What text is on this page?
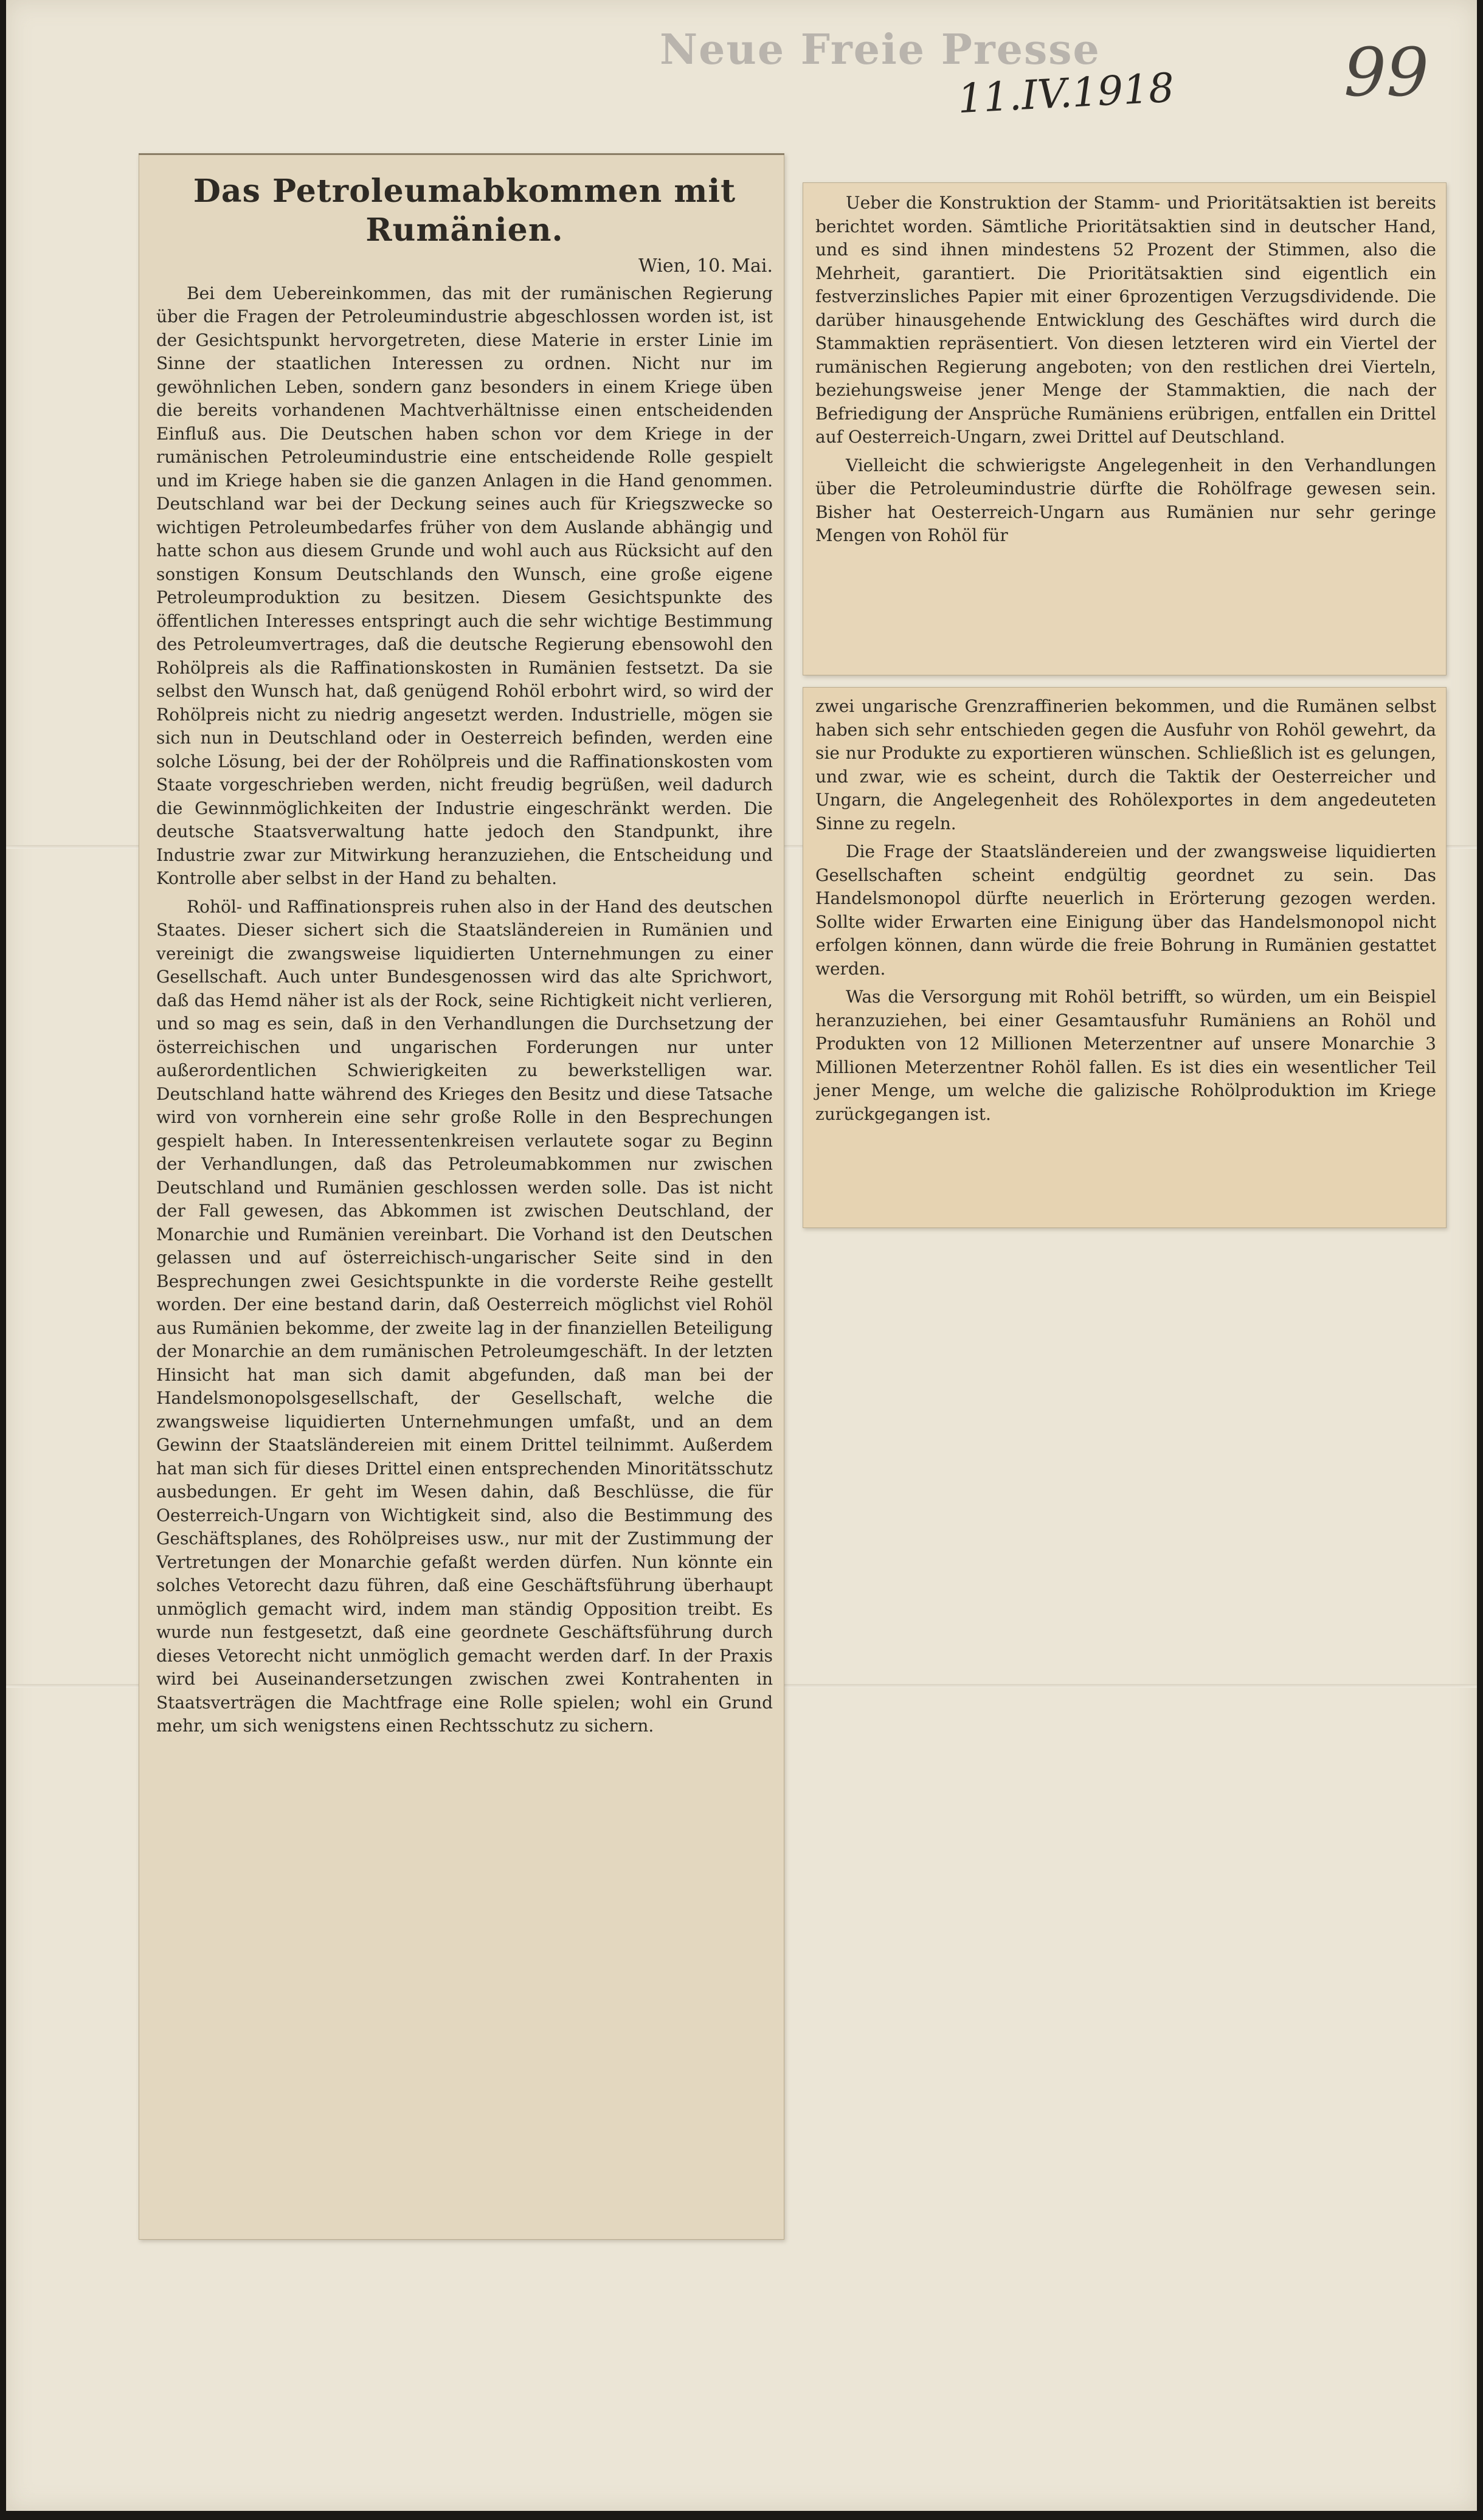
Neue Freie Presse
11.IV.1918	99
Das Petroleumabkommen mit Rumänien.
Wien, 10. Mai.

Bei dem Uebereinkommen, das mit der rumänischen Regierung über die Fragen der Petroleumindustrie abgeschlossen worden ist, ist der Gesichtspunkt hervorgetreten, diese Materie in erster Linie im Sinne der staatlichen Interessen zu ordnen. Nicht nur im gewöhnlichen Leben, sondern ganz besonders in einem Kriege üben die bereits vorhandenen Machtverhältnisse einen entscheidenden Einfluß aus. Die Deutschen haben schon vor dem Kriege in der rumänischen Petroleumindustrie eine entscheidende Rolle gespielt und im Kriege haben sie die ganzen Anlagen in die Hand genommen. Deutschland war bei der Deckung seines auch für Kriegszwecke so wichtigen Petroleumbedarfes früher von dem Auslande abhängig und hatte schon aus diesem Grunde und wohl auch aus Rücksicht auf den sonstigen Konsum Deutschlands den Wunsch, eine große eigene Petroleumproduktion zu besitzen. Diesem Gesichtspunkte des öffentlichen Interesses entspringt auch die sehr wichtige Bestimmung des Petroleumvertrages, daß die deutsche Regierung ebensowohl den Rohölpreis als die Raffinationskosten in Rumänien festsetzt. Da sie selbst den Wunsch hat, daß genügend Rohöl erbohrt wird, so wird der Rohölpreis nicht zu niedrig angesetzt werden. Industrielle, mögen sie sich nun in Deutschland oder in Oesterreich befinden, werden eine solche Lösung, bei der der Rohölpreis und die Raffinationskosten vom Staate vorgeschrieben werden, nicht freudig begrüßen, weil dadurch die Gewinnmöglichkeiten der Industrie eingeschränkt werden. Die deutsche Staatsverwaltung hatte jedoch den Standpunkt, ihre Industrie zwar zur Mitwirkung heranzuziehen, die Entscheidung und Kontrolle aber selbst in der Hand zu behalten.

Rohöl- und Raffinationspreis ruhen also in der Hand des deutschen Staates. Dieser sichert sich die Staatsländereien in Rumänien und vereinigt die zwangsweise liquidierten Unternehmungen zu einer Gesellschaft. Auch unter Bundesgenossen wird das alte Sprichwort, daß das Hemd näher ist als der Rock, seine Richtigkeit nicht verlieren, und so mag es sein, daß in den Verhandlungen die Durchsetzung der österreichischen und ungarischen Forderungen nur unter außerordentlichen Schwierigkeiten zu bewerkstelligen war. Deutschland hatte während des Krieges den Besitz und diese Tatsache wird von vornherein eine sehr große Rolle in den Besprechungen gespielt haben. In Interessentenkreisen verlautete sogar zu Beginn der Verhandlungen, daß das Petroleumabkommen nur zwischen Deutschland und Rumänien geschlossen werden solle. Das ist nicht der Fall gewesen, das Abkommen ist zwischen Deutschland, der Monarchie und Rumänien vereinbart. Die Vorhand ist den Deutschen gelassen und auf österreichisch-ungarischer Seite sind in den Besprechungen zwei Gesichtspunkte in die vorderste Reihe gestellt worden. Der eine bestand darin, daß Oesterreich möglichst viel Rohöl aus Rumänien bekomme, der zweite lag in der finanziellen Beteiligung der Monarchie an dem rumänischen Petroleumgeschäft. In der letzten Hinsicht hat man sich damit abgefunden, daß man bei der Handelsmonopolsgesellschaft, der Gesellschaft, welche die zwangsweise liquidierten Unternehmungen umfaßt, und an dem Gewinn der Staatsländereien mit einem Drittel teilnimmt. Außerdem hat man sich für dieses Drittel einen entsprechenden Minoritätsschutz ausbedungen. Er geht im Wesen dahin, daß Beschlüsse, die für Oesterreich-Ungarn von Wichtigkeit sind, also die Bestimmung des Geschäftsplanes, des Rohölpreises usw., nur mit der Zustimmung der Vertretungen der Monarchie gefaßt werden dürfen. Nun könnte ein solches Vetorecht dazu führen, daß eine Geschäftsführung überhaupt unmöglich gemacht wird, indem man ständig Opposition treibt. Es wurde nun festgesetzt, daß eine geordnete Geschäftsführung durch dieses Vetorecht nicht unmöglich gemacht werden darf. In der Praxis wird bei Auseinandersetzungen zwischen zwei Kontrahenten in Staatsverträgen die Machtfrage eine Rolle spielen; wohl ein Grund mehr, um sich wenigstens einen Rechtsschutz zu sichern.

Ueber die Konstruktion der Stamm- und Prioritätsaktien ist bereits berichtet worden. Sämtliche Prioritätsaktien sind in deutscher Hand, und es sind ihnen mindestens 52 Prozent der Stimmen, also die Mehrheit, garantiert. Die Prioritätsaktien sind eigentlich ein festverzinsliches Papier mit einer 6prozentigen Verzugsdividende. Die darüber hinausgehende Entwicklung des Geschäftes wird durch die Stammaktien repräsentiert. Von diesen letzteren wird ein Viertel der rumänischen Regierung angeboten; von den restlichen drei Vierteln, beziehungsweise jener Menge der Stammaktien, die nach der Befriedigung der Ansprüche Rumäniens erübrigen, entfallen ein Drittel auf Oesterreich-Ungarn, zwei Drittel auf Deutschland.

Vielleicht die schwierigste Angelegenheit in den Verhandlungen über die Petroleumindustrie dürfte die Rohölfrage gewesen sein. Bisher hat Oesterreich-Ungarn aus Rumänien nur sehr geringe Mengen von Rohöl für

zwei ungarische Grenzraffinerien bekommen, und die Rumänen selbst haben sich sehr entschieden gegen die Ausfuhr von Rohöl gewehrt, da sie nur Produkte zu exportieren wünschen. Schließlich ist es gelungen, und zwar, wie es scheint, durch die Taktik der Oesterreicher und Ungarn, die Angelegenheit des Rohölexportes in dem angedeuteten Sinne zu regeln.

Die Frage der Staatsländereien und der zwangsweise liquidierten Gesellschaften scheint endgültig geordnet zu sein. Das Handelsmonopol dürfte neuerlich in Erörterung gezogen werden. Sollte wider Erwarten eine Einigung über das Handelsmonopol nicht erfolgen können, dann würde die freie Bohrung in Rumänien gestattet werden.

Was die Versorgung mit Rohöl betrifft, so würden, um ein Beispiel heranzuziehen, bei einer Gesamtausfuhr Rumäniens an Rohöl und Produkten von 12 Millionen Meterzentner auf unsere Monarchie 3 Millionen Meterzentner Rohöl fallen. Es ist dies ein wesentlicher Teil jener Menge, um welche die galizische Rohölproduktion im Kriege zurückgegangen ist.
